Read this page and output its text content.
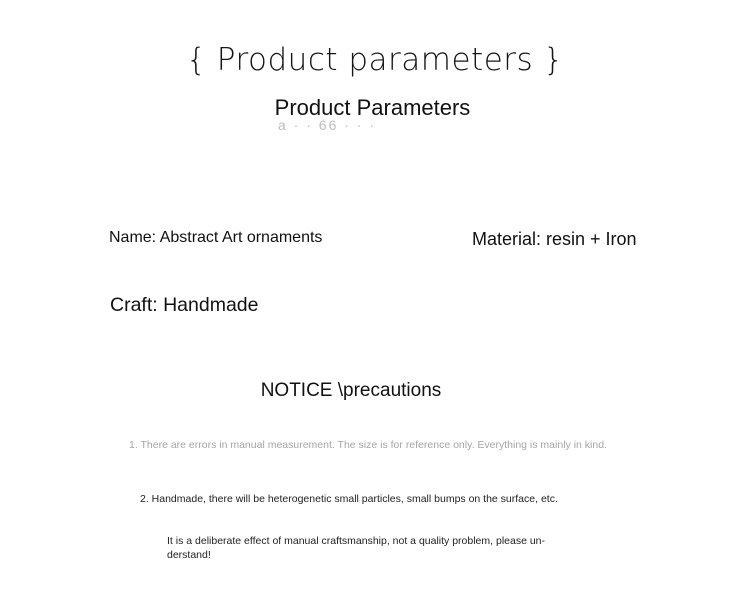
{ Product parameters }
Product Parameters
a · · 66 · · ·
Name: Abstract Art ornaments	Material: resin + Iron
Craft: Handmade
NOTICE \precautions
1. There are errors in manual measurement. The size is for reference only. Everything is mainly in kind.
2. Handmade, there will be heterogenetic small particles, small bumps on the surface, etc.
It is a deliberate effect of manual craftsmanship, not a quality problem, please un-derstand!
